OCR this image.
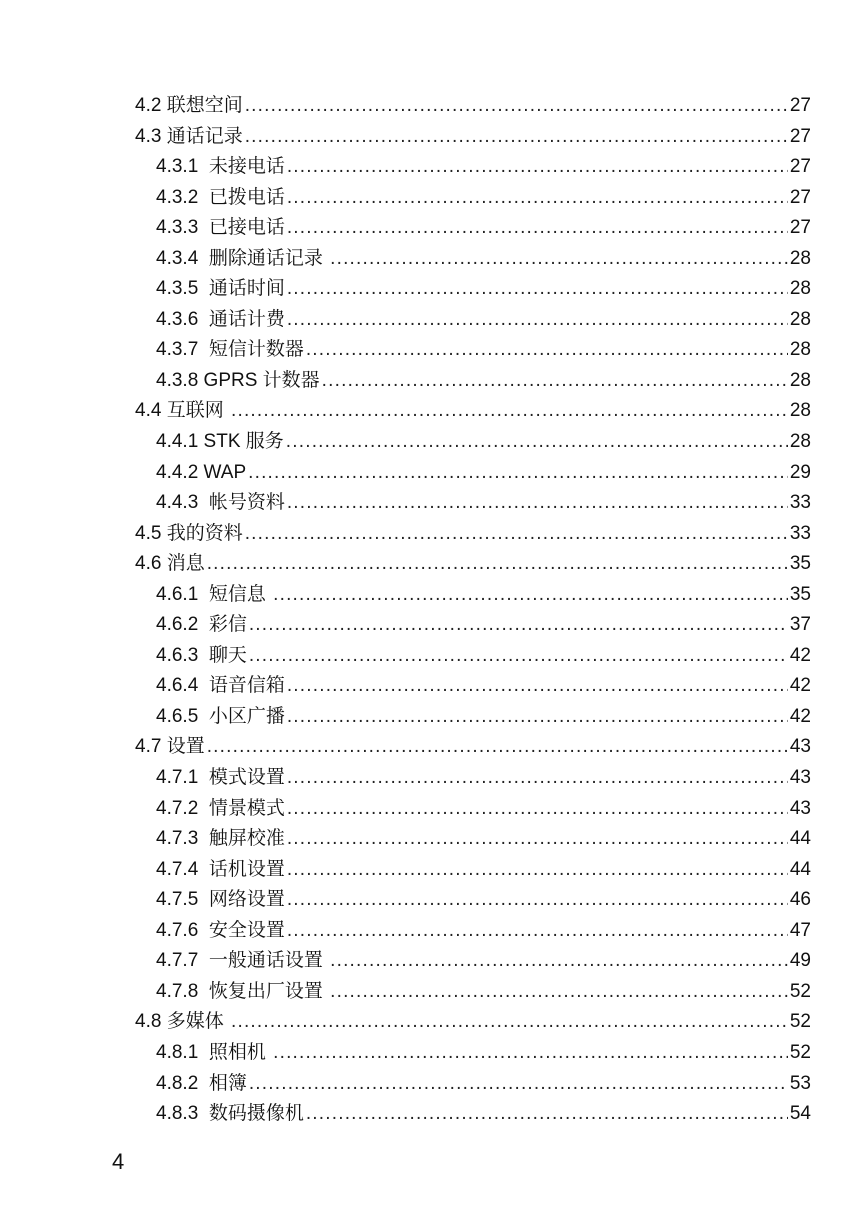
4.2 联想空间 .....	27
4.3 通话记录 .....	27
4.3.1  未接电话 .....	27
4.3.2  已拨电话 .....	27
4.3.3  已接电话 .....	27
4.3.4  删除通话记录 .....	28
4.3.5  通话时间 .....	28
4.3.6  通话计费 .....	28
4.3.7  短信计数器 .....	28
4.3.8 GPRS 计数器 .....	28
4.4 互联网 .....	28
4.4.1 STK 服务 .....	28
4.4.2 WAP .....	29
4.4.3  帐号资料 .....	33
4.5 我的资料 .....	33
4.6 消息 .....	35
4.6.1  短信息 .....	35
4.6.2  彩信 .....	37
4.6.3  聊天 .....	42
4.6.4  语音信箱 .....	42
4.6.5  小区广播 .....	42
4.7 设置 .....	43
4.7.1  模式设置 .....	43
4.7.2  情景模式 .....	43
4.7.3  触屏校准 .....	44
4.7.4  话机设置 .....	44
4.7.5  网络设置 .....	46
4.7.6  安全设置 .....	47
4.7.7  一般通话设置 .....	49
4.7.8  恢复出厂设置 .....	52
4.8 多媒体 .....	52
4.8.1  照相机 .....	52
4.8.2  相簿 .....	53
4.8.3  数码摄像机 .....	54
4
